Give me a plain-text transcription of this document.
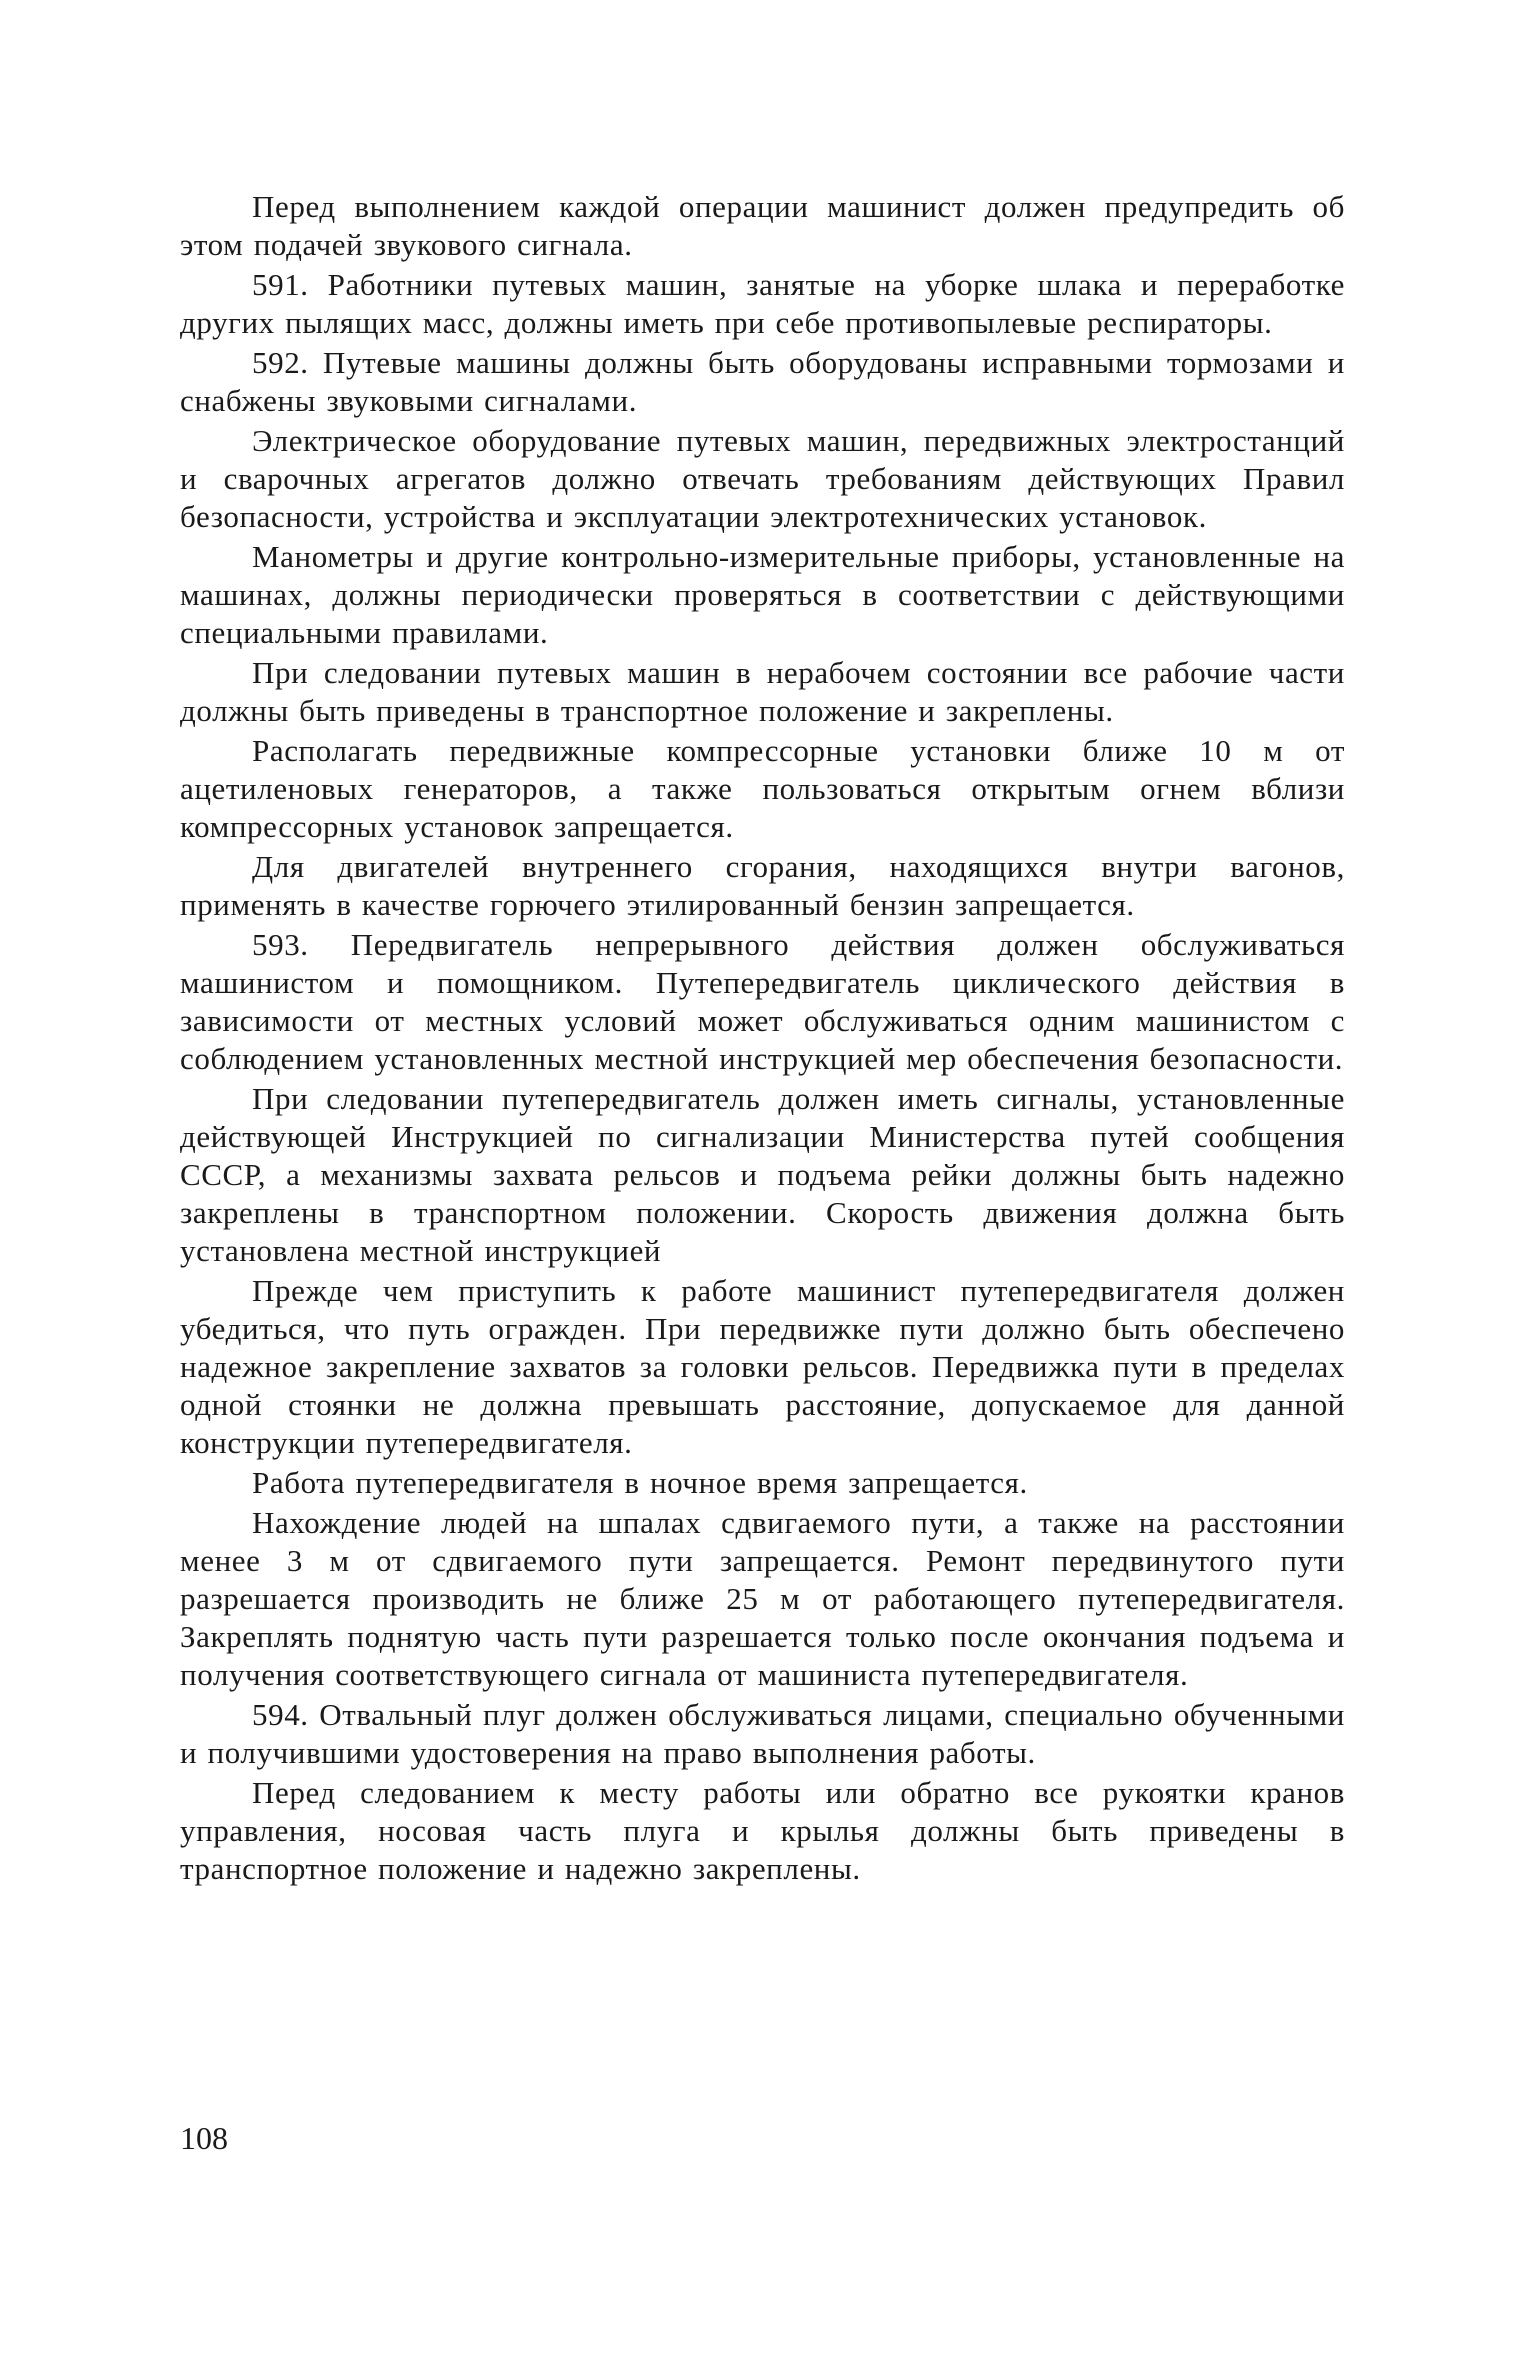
Перед выполнением каждой операции машинист должен предупредить об этом подачей звукового сигнала.

591. Работники путевых машин, занятые на уборке шлака и переработке других пылящих масс, должны иметь при себе противопылевые респираторы.

592. Путевые машины должны быть оборудованы исправными тормозами и снабжены звуковыми сигналами.

Электрическое оборудование путевых машин, передвижных электростанций и сварочных агрегатов должно отвечать требованиям действующих Правил безопасности, устройства и эксплуатации электротехнических установок.

Манометры и другие контрольно-измерительные приборы, установленные на машинах, должны периодически проверяться в соответствии с действующими специальными правилами.

При следовании путевых машин в нерабочем состоянии все рабочие части должны быть приведены в транспортное положение и закреплены.

Располагать передвижные компрессорные установки ближе 10 м от ацетиленовых генераторов, а также пользоваться открытым огнем вблизи компрессорных установок запрещается.

Для двигателей внутреннего сгорания, находящихся внутри вагонов, применять в качестве горючего этилированный бензин запрещается.

593. Передвигатель непрерывного действия должен обслуживаться машинистом и помощником. Путепередвигатель циклического действия в зависимости от местных условий может обслуживаться одним машинистом с соблюдением установленных местной инструкцией мер обеспечения безопасности.

При следовании путепередвигатель должен иметь сигналы, установленные действующей Инструкцией по сигнализации Министерства путей сообщения СССР, а механизмы захвата рельсов и подъема рейки должны быть надежно закреплены в транспортном положении. Скорость движения должна быть установлена местной инструкцией

Прежде чем приступить к работе машинист путепередвигателя должен убедиться, что путь огражден. При передвижке пути должно быть обеспечено надежное закрепление захватов за головки рельсов. Передвижка пути в пределах одной стоянки не должна превышать расстояние, допускаемое для данной конструкции путепередвигателя.

Работа путепередвигателя в ночное время запрещается.

Нахождение людей на шпалах сдвигаемого пути, а также на расстоянии менее 3 м от сдвигаемого пути запрещается. Ремонт передвинутого пути разрешается производить не ближе 25 м от работающего путепередвигателя. Закреплять поднятую часть пути разрешается только после окончания подъема и получения соответствующего сигнала от машиниста путепередвигателя.

594. Отвальный плуг должен обслуживаться лицами, специально обученными и получившими удостоверения на право выполнения работы.

Перед следованием к месту работы или обратно все рукоятки кранов управления, носовая часть плуга и крылья должны быть приведены в транспортное положение и надежно закреплены.

108
